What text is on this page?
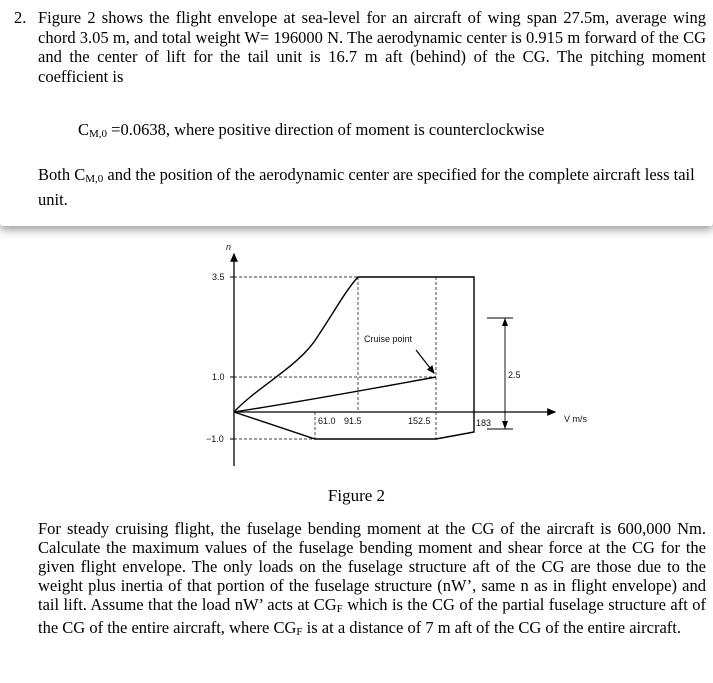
2. Figure 2 shows the flight envelope at sea-level for an aircraft of wing span 27.5m, average wing chord 3.05 m, and total weight W= 196000 N. The aerodynamic center is 0.915 m forward of the CG and the center of lift for the tail unit is 16.7 m aft (behind) of the CG. The pitching moment coefficient is
$C_{M,0} =0.0638$, where positive direction of moment is counterclockwise
Both $C_{M,0}$ and the position of the aerodynamic center are specified for the complete aircraft less tail unit.
n
V m/s
3.5
1.0
−1.0
Cruise point
2.5
61.0 91.5	152.5	183
Figure 2
For steady cruising flight, the fuselage bending moment at the CG of the aircraft is 600,000 Nm. Calculate the maximum values of the fuselage bending moment and shear force at the CG for the given flight envelope. The only loads on the fuselage structure aft of the CG are those due to the weight plus inertia of that portion of the fuselage structure (nW’, same n as in flight envelope) and tail lift. Assume that the load nW’ acts at $CG_F$ which is the CG of the partial fuselage structure aft of the CG of the entire aircraft, where $CG_F$ is at a distance of 7 m aft of the CG of the entire aircraft.
